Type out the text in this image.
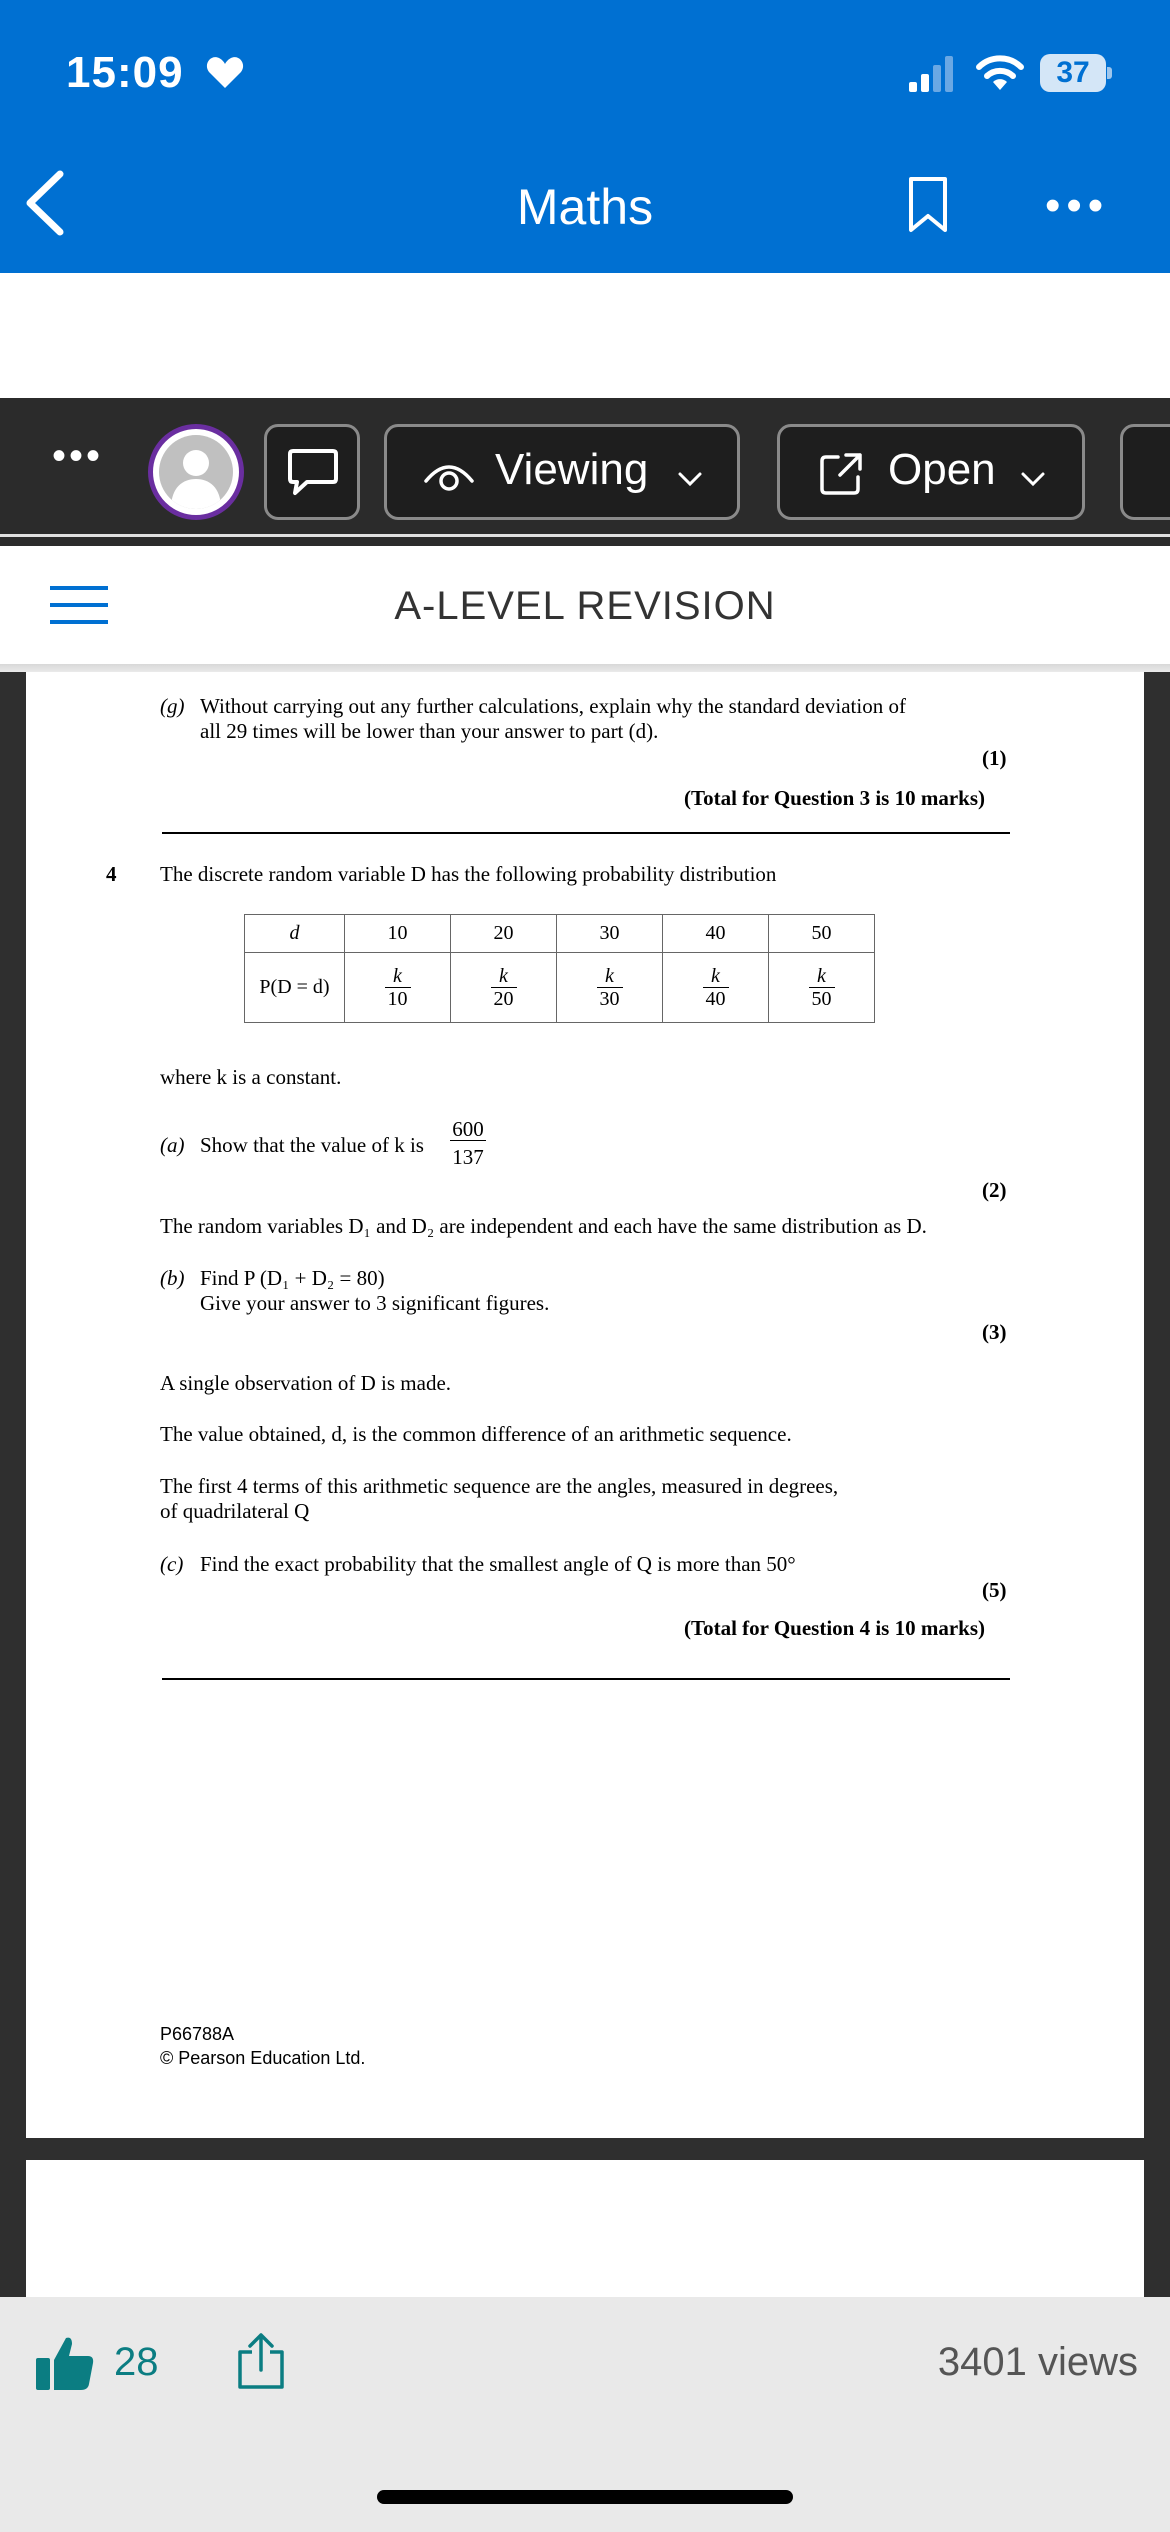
15:09	37
Maths	•••
•••	Viewing	Open
A-LEVEL REVISION
(g) Without carrying out any further calculations, explain why the standard deviation of
all 29 times will be lower than your answer to part (d).
(1)
(Total for Question 3 is 10 marks)
4 The discrete random variable D has the following probability distribution
d	10	20	30	40	50
P(D = d)	$\frac{k}{10}$	$\frac{k}{20}$	$\frac{k}{30}$	$\frac{k}{40}$	$\frac{k}{50}$
where k is a constant.
(a) Show that the value of k is
600
137
(2)
The random variables D₁ and D₂ are independent and each have the same distribution as D.
(b) Find P (D₁ + D₂ = 80)
Give your answer to 3 significant figures.
(3)
A single observation of D is made.
The value obtained, d, is the common difference of an arithmetic sequence.
The first 4 terms of this arithmetic sequence are the angles, measured in degrees,
of quadrilateral Q
(c) Find the exact probability that the smallest angle of Q is more than 50°
(5)
(Total for Question 4 is 10 marks)
P66788A
© Pearson Education Ltd.
28	3401 views
